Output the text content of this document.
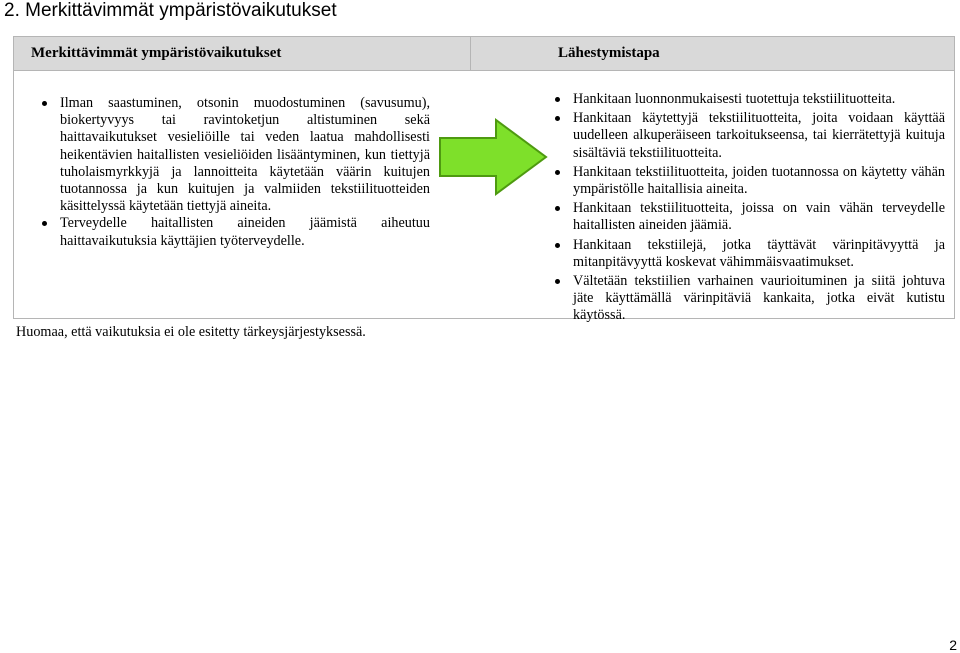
2. Merkittävimmät ympäristövaikutukset
Merkittävimmät ympäristövaikutukset	Lähestymistapa
Ilman saastuminen, otsonin muodostuminen (savusumu), biokertyvyys tai ravintoketjun altistuminen sekä haittavaikutukset vesieliöille tai veden laatua mahdollisesti heikentävien haitallisten vesieliöiden lisääntyminen, kun tiettyjä tuholaismyrkkyjä ja lannoitteita käytetään väärin kuitujen tuotannossa ja kun kuitujen ja valmiiden tekstiilituotteiden käsittelyssä käytetään tiettyjä aineita.
Terveydelle haitallisten aineiden jäämistä aiheutuu haittavaikutuksia käyttäjien työterveydelle.
Huomaa, että vaikutuksia ei ole esitetty tärkeysjärjestyksessä.
Hankitaan luonnonmukaisesti tuotettuja tekstiilituotteita.
Hankitaan käytettyjä tekstiilituotteita, joita voidaan käyttää uudelleen alkuperäiseen tarkoitukseensa, tai kierrätettyjä kuituja sisältäviä tekstiilituotteita.
Hankitaan tekstiilituotteita, joiden tuotannossa on käytetty vähän ympäristölle haitallisia aineita.
Hankitaan tekstiilituotteita, joissa on vain vähän terveydelle haitallisten aineiden jäämiä.
Hankitaan tekstiilejä, jotka täyttävät värinpitävyyttä ja mitanpitävyyttä koskevat vähimmäisvaatimukset.
Vältetään tekstiilien varhainen vaurioituminen ja siitä johtuva jäte käyttämällä värinpitäviä kankaita, jotka eivät kutistu käytössä.
2
